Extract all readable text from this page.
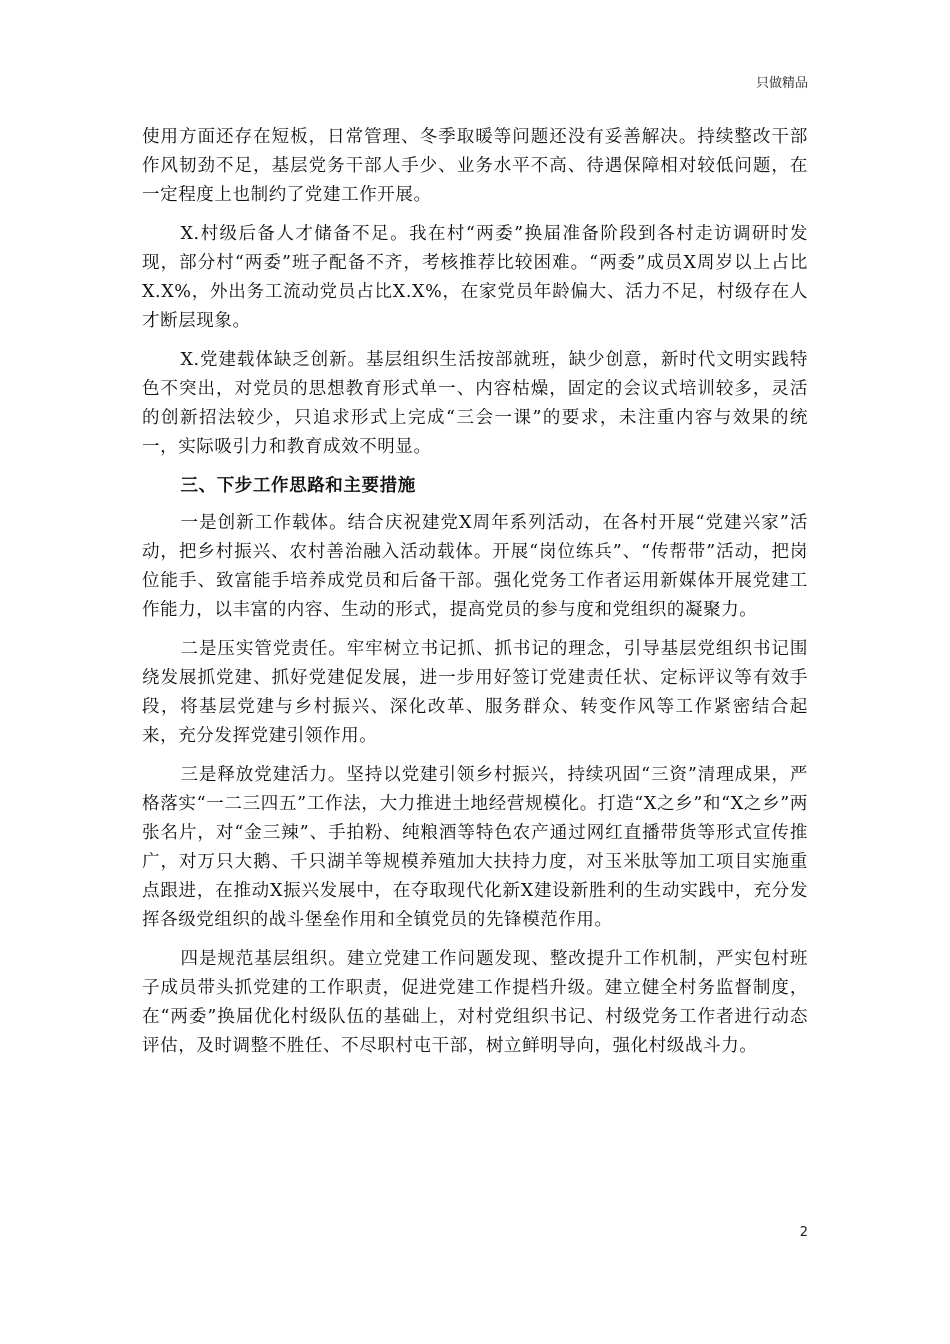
只做精品

使用方面还存在短板，日常管理、冬季取暖等问题还没有妥善解决。持续整改干部作风韧劲不足，基层党务干部人手少、业务水平不高、待遇保障相对较低问题，在一定程度上也制约了党建工作开展。

X.村级后备人才储备不足。我在村“两委”换届准备阶段到各村走访调研时发现，部分村“两委”班子配备不齐，考核推荐比较困难。“两委”成员X周岁以上占比X.X%，外出务工流动党员占比X.X%，在家党员年龄偏大、活力不足，村级存在人才断层现象。

X.党建载体缺乏创新。基层组织生活按部就班，缺少创意，新时代文明实践特色不突出，对党员的思想教育形式单一、内容枯燥，固定的会议式培训较多，灵活的创新招法较少，只追求形式上完成“三会一课”的要求，未注重内容与效果的统一，实际吸引力和教育成效不明显。

三、下步工作思路和主要措施

一是创新工作载体。结合庆祝建党X周年系列活动，在各村开展“党建兴家”活动，把乡村振兴、农村善治融入活动载体。开展“岗位练兵”、“传帮带”活动，把岗位能手、致富能手培养成党员和后备干部。强化党务工作者运用新媒体开展党建工作能力，以丰富的内容、生动的形式，提高党员的参与度和党组织的凝聚力。

二是压实管党责任。牢牢树立书记抓、抓书记的理念，引导基层党组织书记围绕发展抓党建、抓好党建促发展，进一步用好签订党建责任状、定标评议等有效手段，将基层党建与乡村振兴、深化改革、服务群众、转变作风等工作紧密结合起来，充分发挥党建引领作用。

三是释放党建活力。坚持以党建引领乡村振兴，持续巩固“三资”清理成果，严格落实“一二三四五”工作法，大力推进土地经营规模化。打造“X之乡”和“X之乡”两张名片，对“金三辣”、手拍粉、纯粮酒等特色农产通过网红直播带货等形式宣传推广，对万只大鹅、千只湖羊等规模养殖加大扶持力度，对玉米肽等加工项目实施重点跟进，在推动X振兴发展中，在夺取现代化新X建设新胜利的生动实践中，充分发挥各级党组织的战斗堡垒作用和全镇党员的先锋模范作用。

四是规范基层组织。建立党建工作问题发现、整改提升工作机制，严实包村班子成员带头抓党建的工作职责，促进党建工作提档升级。建立健全村务监督制度，在“两委”换届优化村级队伍的基础上，对村党组织书记、村级党务工作者进行动态评估，及时调整不胜任、不尽职村屯干部，树立鲜明导向，强化村级战斗力。

2
